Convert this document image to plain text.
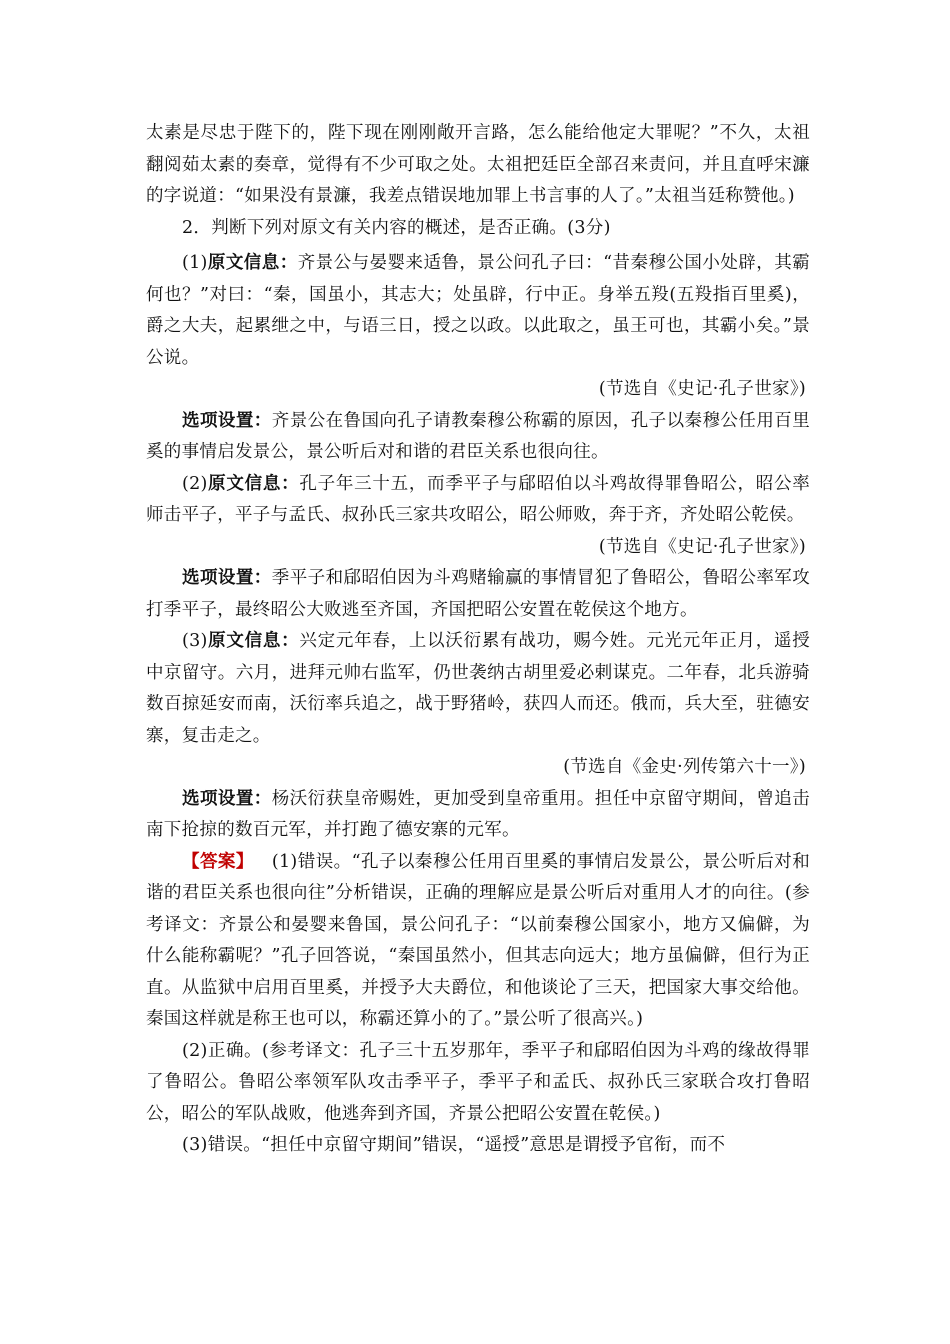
太素是尽忠于陛下的，陛下现在刚刚敞开言路，怎么能给他定大罪呢？”不久，太祖翻阅茹太素的奏章，觉得有不少可取之处。太祖把廷臣全部召来责问，并且直呼宋濂的字说道：“如果没有景濂，我差点错误地加罪上书言事的人了。”太祖当廷称赞他。)

2．判断下列对原文有关内容的概述，是否正确。(3分)

(1)原文信息：齐景公与晏婴来适鲁，景公问孔子曰：“昔秦穆公国小处辟，其霸何也？”对曰：“秦，国虽小，其志大；处虽辟，行中正。身举五羖(五羖指百里奚)，爵之大夫，起累绁之中，与语三日，授之以政。以此取之，虽王可也，其霸小矣。”景公说。

(节选自《史记·孔子世家》)

选项设置：齐景公在鲁国向孔子请教秦穆公称霸的原因，孔子以秦穆公任用百里奚的事情启发景公，景公听后对和谐的君臣关系也很向往。

(2)原文信息：孔子年三十五，而季平子与郈昭伯以斗鸡故得罪鲁昭公，昭公率师击平子，平子与孟氏、叔孙氏三家共攻昭公，昭公师败，奔于齐，齐处昭公乾侯。

(节选自《史记·孔子世家》)

选项设置：季平子和郈昭伯因为斗鸡赌输赢的事情冒犯了鲁昭公，鲁昭公率军攻打季平子，最终昭公大败逃至齐国，齐国把昭公安置在乾侯这个地方。

(3)原文信息：兴定元年春，上以沃衍累有战功，赐今姓。元光元年正月，遥授中京留守。六月，进拜元帅右监军，仍世袭纳古胡里爱必剌谋克。二年春，北兵游骑数百掠延安而南，沃衍率兵追之，战于野猪岭，获四人而还。俄而，兵大至，驻德安寨，复击走之。

(节选自《金史·列传第六十一》)

选项设置：杨沃衍获皇帝赐姓，更加受到皇帝重用。担任中京留守期间，曾追击南下抢掠的数百元军，并打跑了德安寨的元军。

【答案】 (1)错误。“孔子以秦穆公任用百里奚的事情启发景公，景公听后对和谐的君臣关系也很向往”分析错误，正确的理解应是景公听后对重用人才的向往。(参考译文：齐景公和晏婴来鲁国，景公问孔子：“以前秦穆公国家小，地方又偏僻，为什么能称霸呢？”孔子回答说，“秦国虽然小，但其志向远大；地方虽偏僻，但行为正直。从监狱中启用百里奚，并授予大夫爵位，和他谈论了三天，把国家大事交给他。秦国这样就是称王也可以，称霸还算小的了。”景公听了很高兴。)

(2)正确。(参考译文：孔子三十五岁那年，季平子和郈昭伯因为斗鸡的缘故得罪了鲁昭公。鲁昭公率领军队攻击季平子，季平子和孟氏、叔孙氏三家联合攻打鲁昭公，昭公的军队战败，他逃奔到齐国，齐景公把昭公安置在乾侯。)

(3)错误。“担任中京留守期间”错误，“遥授”意思是谓授予官衔，而不
